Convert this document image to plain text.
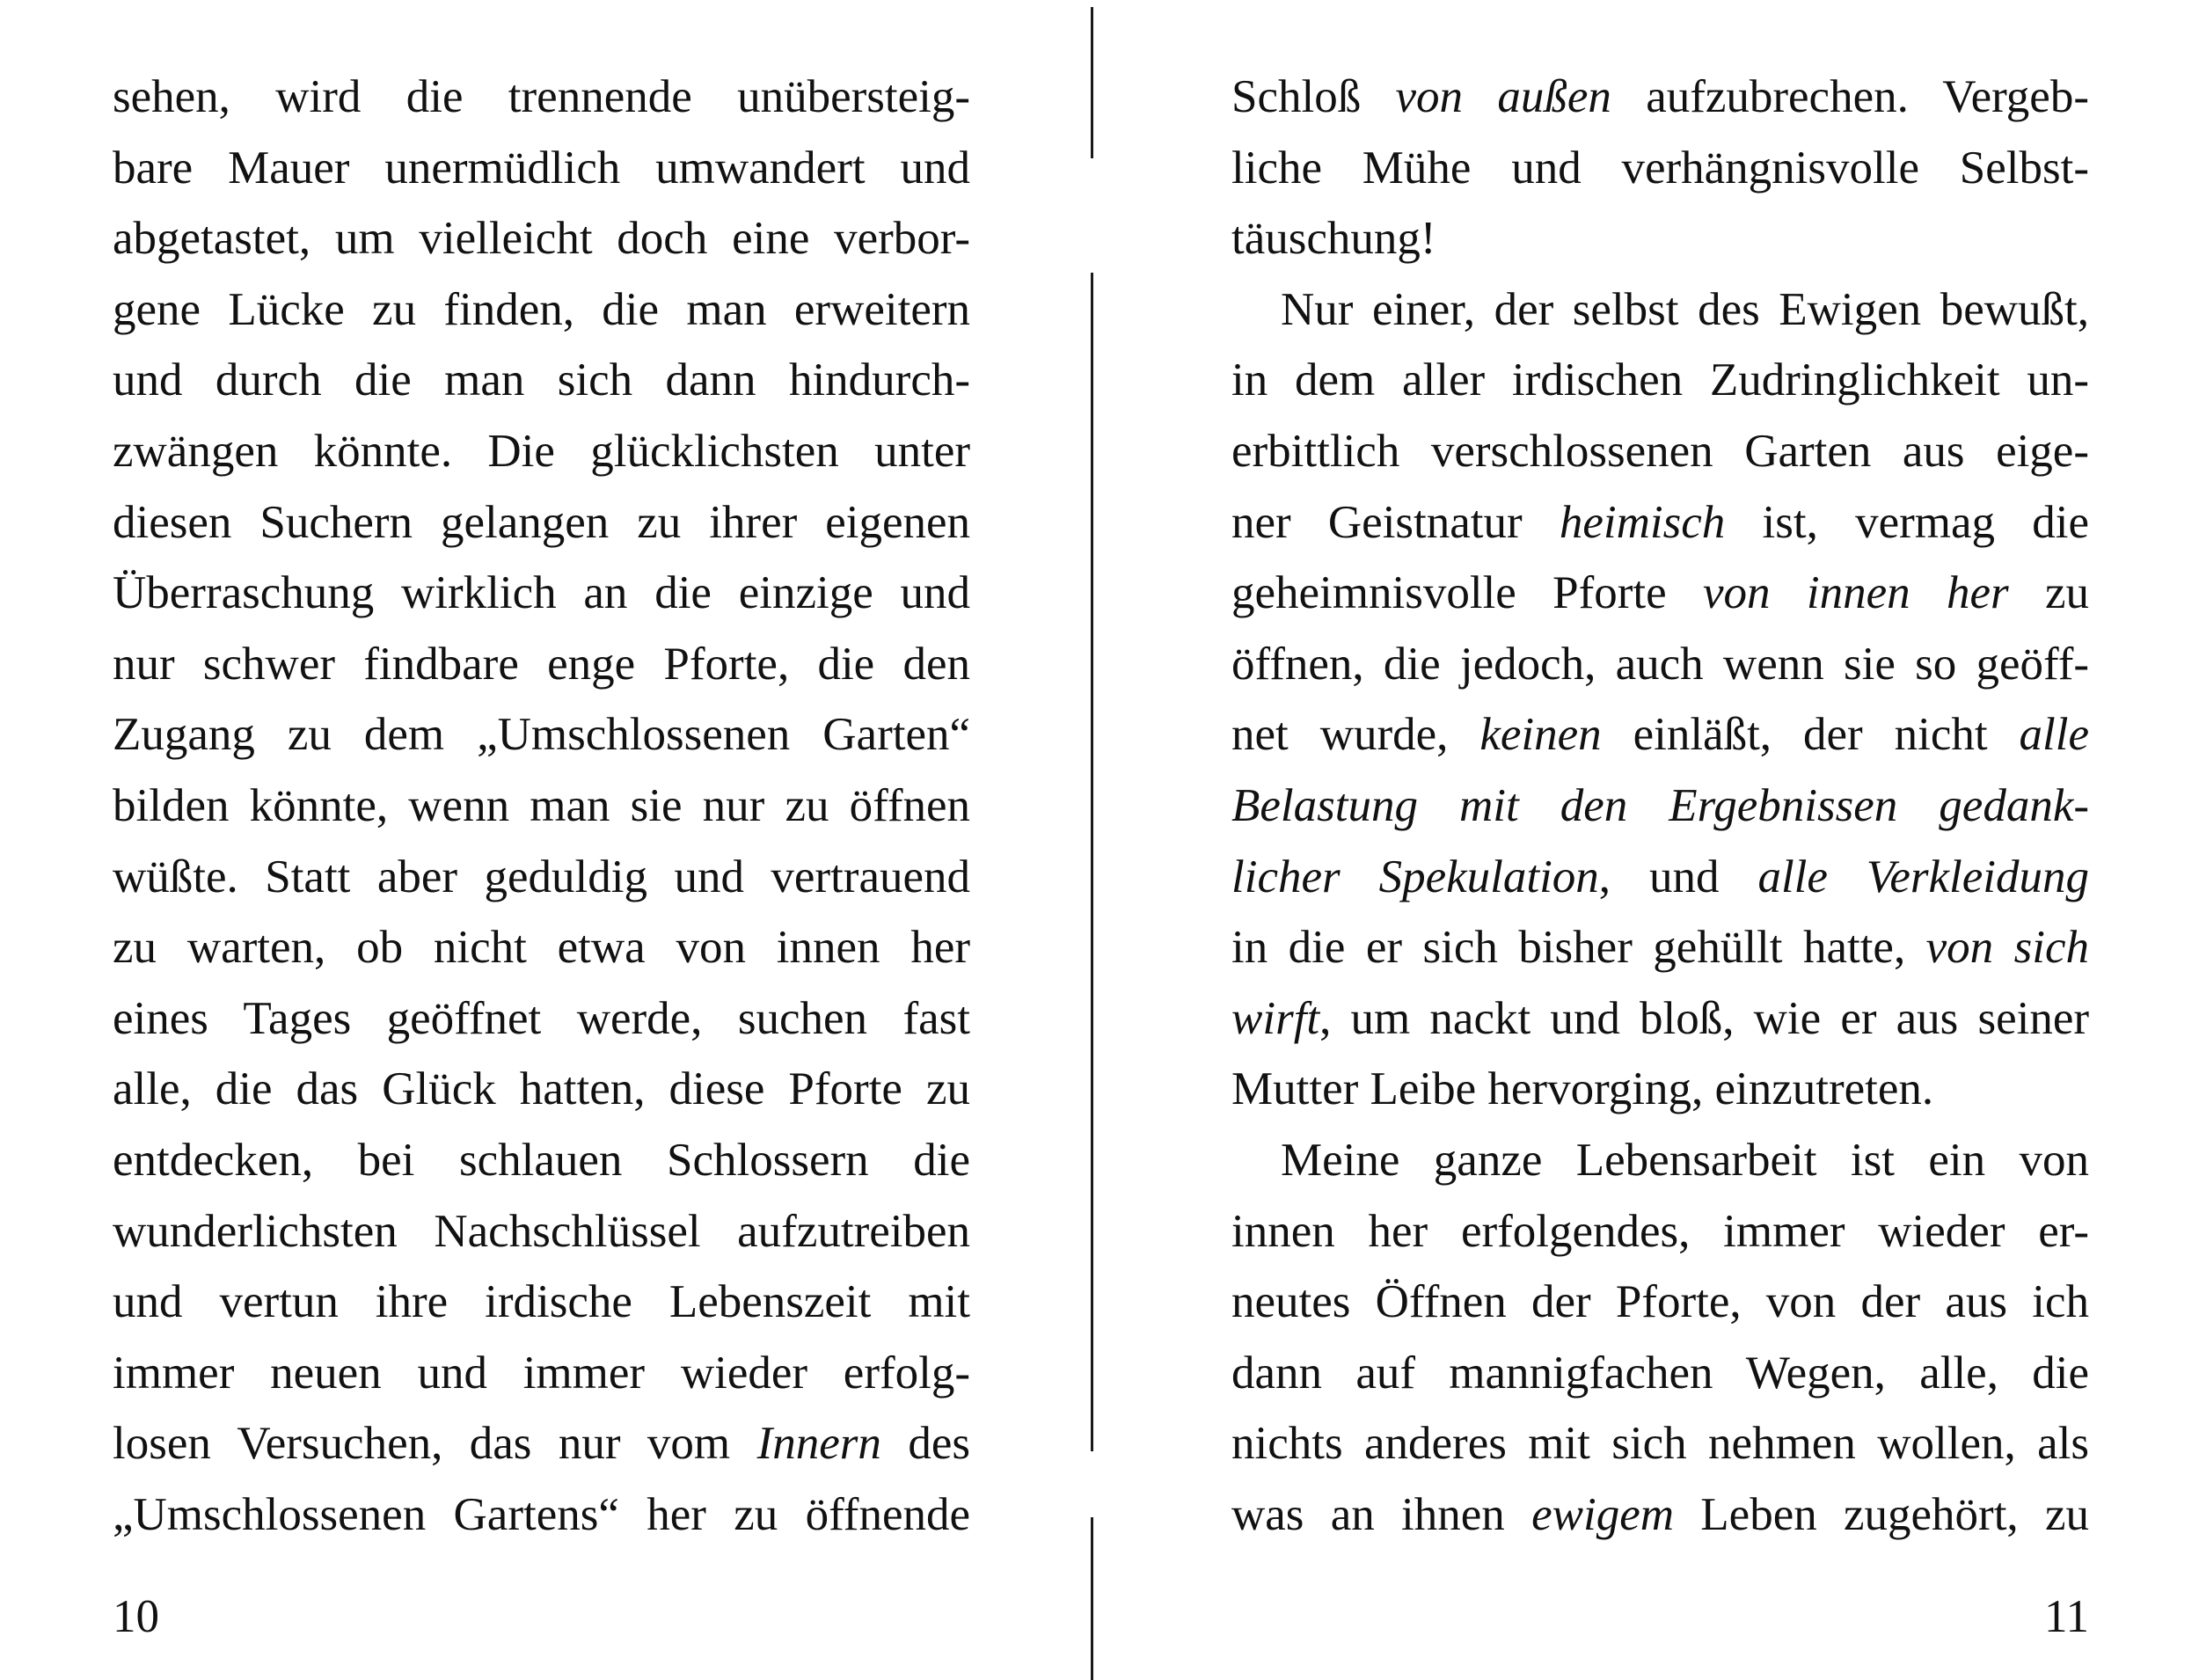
sehen, wird die trennende unübersteig-
bare Mauer unermüdlich umwandert und
abgetastet, um vielleicht doch eine verbor-
gene Lücke zu finden, die man erweitern
und durch die man sich dann hindurch-
zwängen könnte. Die glücklichsten unter
diesen Suchern gelangen zu ihrer eigenen
Überraschung wirklich an die einzige und
nur schwer findbare enge Pforte, die den
Zugang zu dem „Umschlossenen Garten“
bilden könnte, wenn man sie nur zu öffnen
wüßte. Statt aber geduldig und vertrauend
zu warten, ob nicht etwa von innen her
eines Tages geöffnet werde, suchen fast
alle, die das Glück hatten, diese Pforte zu
entdecken, bei schlauen Schlossern die
wunderlichsten Nachschlüssel aufzutreiben
und vertun ihre irdische Lebenszeit mit
immer neuen und immer wieder erfolg-
losen Versuchen, das nur vom Innern des
„Umschlossenen Gartens“ her zu öffnende
10
Schloß von außen aufzubrechen. Vergeb-
liche Mühe und verhängnisvolle Selbst-
täuschung!
Nur einer, der selbst des Ewigen bewußt,
in dem aller irdischen Zudringlichkeit un-
erbittlich verschlossenen Garten aus eige-
ner Geistnatur heimisch ist, vermag die
geheimnisvolle Pforte von innen her zu
öffnen, die jedoch, auch wenn sie so geöff-
net wurde, keinen einläßt, der nicht alle
Belastung mit den Ergebnissen gedank-
licher Spekulation, und alle Verkleidung
in die er sich bisher gehüllt hatte, von sich
wirft, um nackt und bloß, wie er aus seiner
Mutter Leibe hervorging, einzutreten.
Meine ganze Lebensarbeit ist ein von
innen her erfolgendes, immer wieder er-
neutes Öffnen der Pforte, von der aus ich
dann auf mannigfachen Wegen, alle, die
nichts anderes mit sich nehmen wollen, als
was an ihnen ewigem Leben zugehört, zu
11
